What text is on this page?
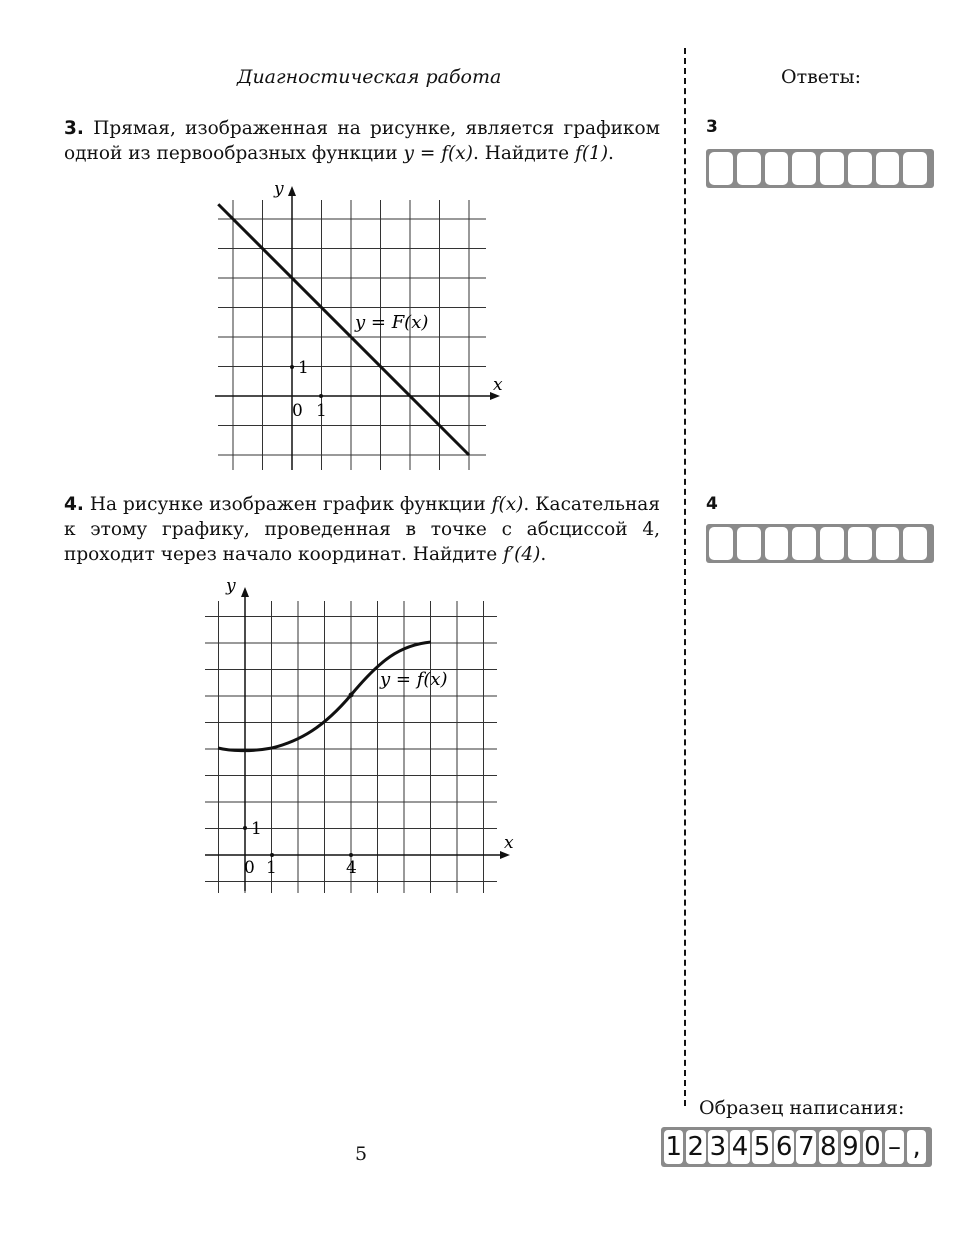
Диагностическая работа	Ответы:
3. Прямая, изображенная на рисунке, является графиком одной из первообразных функции y = f(x). Найдите f(1).
y
x
0 1
1
y = F(x)
3
4. На рисунке изображен график функции f(x). Касательная к этому графику, проведенная в точке с абсциссой 4, проходит через начало координат. Найдите f′(4).
y
x
0 1	4
1
y = f(x)
4
Образец написания:
1 2 3 4 5 6 7 8 9 0 – ,
5
